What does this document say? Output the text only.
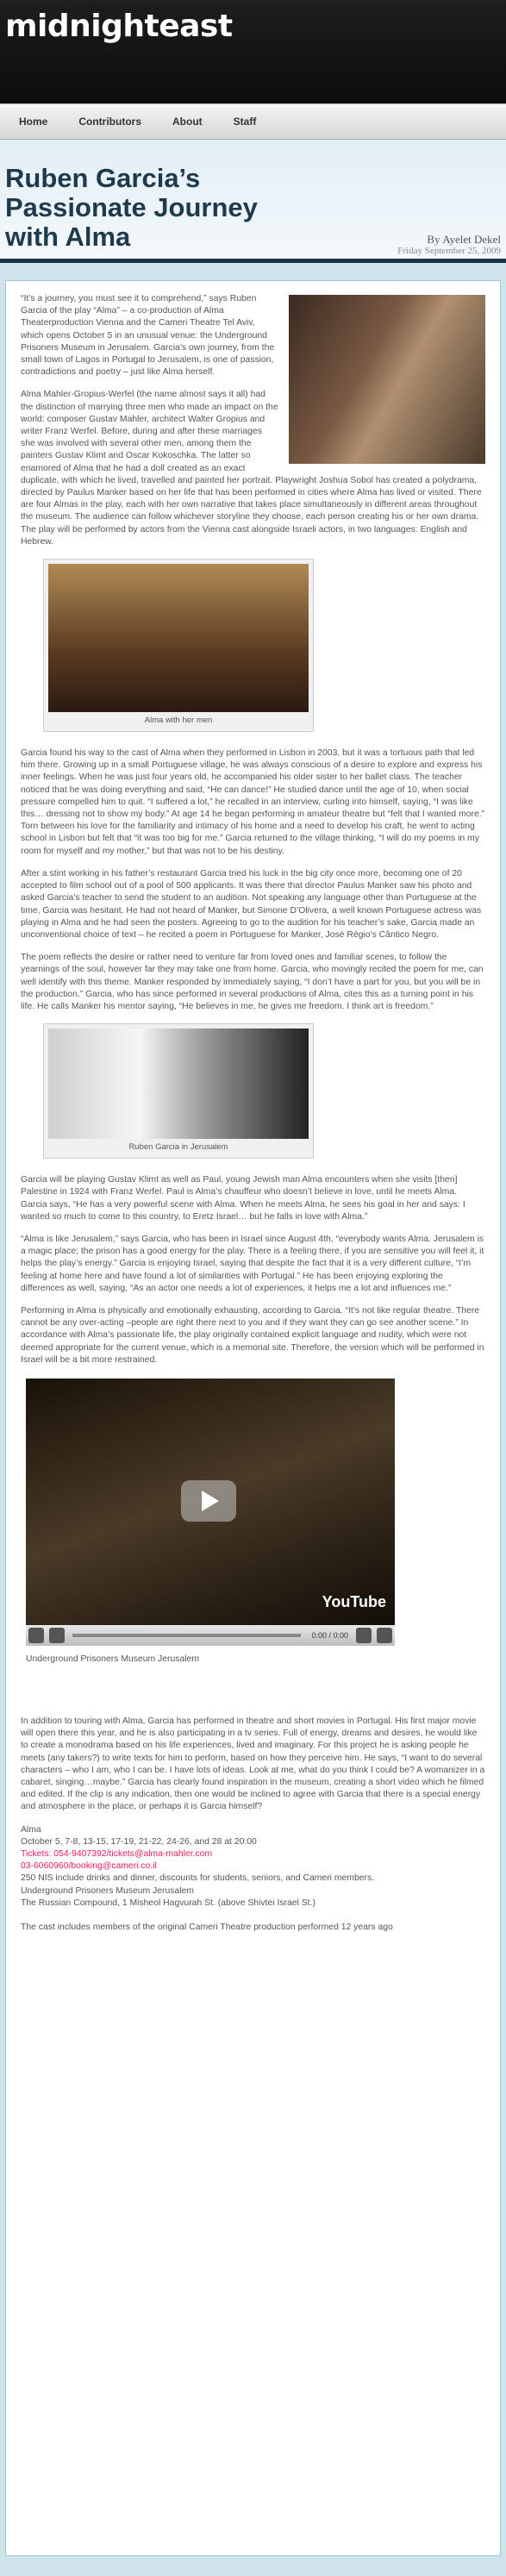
midnighteast
Home	Contributors	About	Staff
Ruben Garcia’s Passionate Journey with Alma	By Ayelet Dekel
Friday September 25, 2009

“It’s a journey, you must see it to comprehend,” says Ruben Garcia of the play “Alma” – a co-production of Alma Theaterproduction Vienna and the Cameri Theatre Tel Aviv, which opens October 5 in an unusual venue: the Underground Prisoners Museum in Jerusalem. Garcia’s own journey, from the small town of Lagos in Portugal to Jerusalem, is one of passion, contradictions and poetry – just like Alma herself.

Alma Mahler-Gropius-Werfel (the name almost says it all) had the distinction of marrying three men who made an impact on the world: composer Gustav Mahler, architect Walter Gropius and writer Franz Werfel. Before, during and after these marriages she was involved with several other men, among them the painters Gustav Klimt and Oscar Kokoschka. The latter so enamored of Alma that he had a doll created as an exact duplicate, with which he lived, travelled and painted her portrait. Playwright Joshua Sobol has created a polydrama, directed by Paulus Manker based on her life that has been performed in cities where Alma has lived or visited. There are four Almas in the play, each with her own narrative that takes place simultaneously in different areas throughout the museum. The audience can follow whichever storyline they choose, each person creating his or her own drama. The play will be performed by actors from the Vienna cast alongside Israeli actors, in two languages: English and Hebrew.

Alma with her men

Garcia found his way to the cast of Alma when they performed in Lisbon in 2003, but it was a tortuous path that led him there. Growing up in a small Portuguese village, he was always conscious of a desire to explore and express his inner feelings. When he was just four years old, he accompanied his older sister to her ballet class. The teacher noticed that he was doing everything and said, “He can dance!” He studied dance until the age of 10, when social pressure compelled him to quit. “I suffered a lot,” he recalled in an interview, curling into himself, saying, “I was like this… dressing not to show my body.” At age 14 he began performing in amateur theatre but “felt that I wanted more.” Torn between his love for the familiarity and intimacy of his home and a need to develop his craft, he went to acting school in Lisbon but felt that “it was too big for me.” Garcia returned to the village thinking, “I will do my poems in my room for myself and my mother,” but that was not to be his destiny.

After a stint working in his father’s restaurant Garcia tried his luck in the big city once more, becoming one of 20 accepted to film school out of a pool of 500 applicants. It was there that director Paulus Manker saw his photo and asked Garcia’s teacher to send the student to an audition. Not speaking any language other than Portuguese at the time, Garcia was hesitant. He had not heard of Manker, but Simone D’Olivera, a well known Portuguese actress was playing in Alma and he had seen the posters. Agreeing to go to the audition for his teacher’s sake, Garcia made an unconventional choice of text – he recited a poem in Portuguese for Manker, José Régio’s Cântico Negro.

The poem reflects the desire or rather need to venture far from loved ones and familiar scenes, to follow the yearnings of the soul, however far they may take one from home. Garcia, who movingly recited the poem for me, can well identify with this theme. Manker responded by immediately saying, “I don’t have a part for you, but you will be in the production.” Garcia, who has since performed in several productions of Alma, cites this as a turning point in his life. He calls Manker his mentor saying, “He believes in me, he gives me freedom. I think art is freedom.”

Ruben Garcia in Jerusalem

Garcia will be playing Gustav Klimt as well as Paul, young Jewish man Alma encounters when she visits [then] Palestine in 1924 with Franz Werfel. Paul is Alma’s chauffeur who doesn’t believe in love, until he meets Alma. Garcia says, “He has a very powerful scene with Alma. When he meets Alma, he sees his goal in her and says: I wanted so much to come to this country, to Eretz Israel… but he falls in love with Alma.”

“Alma is like Jerusalem,” says Garcia, who has been in Israel since August 4th, “everybody wants Alma. Jerusalem is a magic place; the prison has a good energy for the play. There is a feeling there, if you are sensitive you will feel it, it helps the play’s energy.” Garcia is enjoying Israel, saying that despite the fact that it is a very different culture, “I’m feeling at home here and have found a lot of similarities with Portugal.” He has been enjoying exploring the differences as well, saying, “As an actor one needs a lot of experiences, it helps me a lot and influences me.”

Performing in Alma is physically and emotionally exhausting, according to Garcia. “It’s not like regular theatre. There cannot be any over-acting –people are right there next to you and if they want they can go see another scene.” In accordance with Alma’s passionate life, the play originally contained explicit language and nudity, which were not deemed appropriate for the current venue, which is a memorial site. Therefore, the version which will be performed in Israel will be a bit more restrained.

YouTube
0:00 / 0:00
Underground Prisoners Museum Jerusalem

In addition to touring with Alma, Garcia has performed in theatre and short movies in Portugal. His first major movie will open there this year, and he is also participating in a tv series. Full of energy, dreams and desires, he would like to create a monodrama based on his life experiences, lived and imaginary. For this project he is asking people he meets (any takers?) to write texts for him to perform, based on how they perceive him. He says, “I want to do several characters – who I am, who I can be. I have lots of ideas. Look at me, what do you think I could be? A womanizer in a cabaret, singing…maybe.” Garcia has clearly found inspiration in the museum, creating a short video which he filmed and edited. If the clip is any indication, then one would be inclined to agree with Garcia that there is a special energy and atmosphere in the place, or perhaps it is Garcia himself?

Alma
October 5, 7-8, 13-15, 17-19, 21-22, 24-26, and 28 at 20:00
Tickets: 054-9407392/tickets@alma-mahler.com
03-6060960/booking@cameri.co.il
250 NIS include drinks and dinner, discounts for students, seniors, and Cameri members.
Underground Prisoners Museum Jerusalem
The Russian Compound, 1 Misheol Hagvurah St. (above Shivtei Israel St.)

The cast includes members of the original Cameri Theatre production performed 12 years ago
